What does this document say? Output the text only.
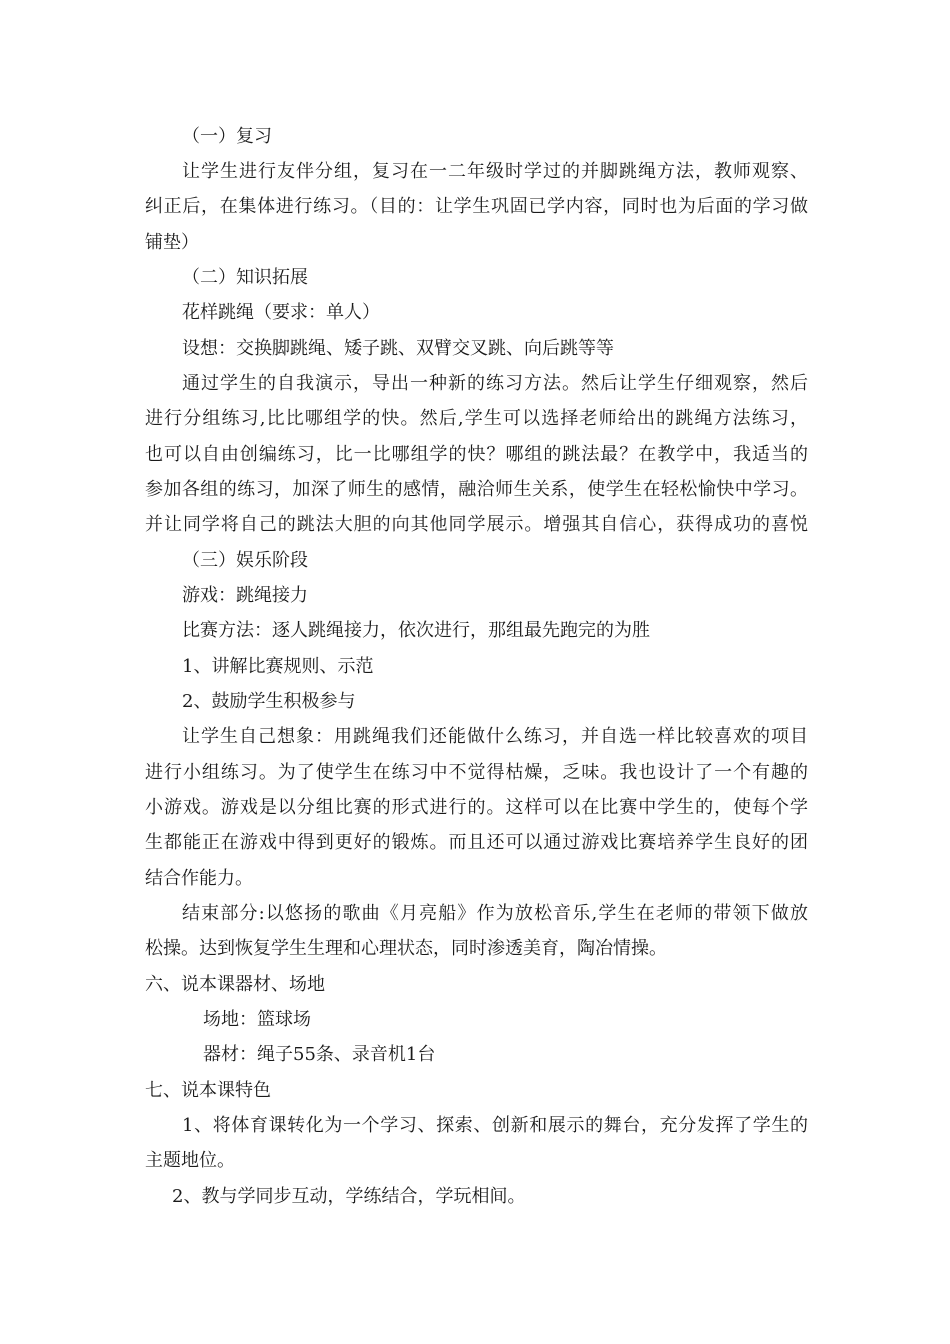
（一）复习
让学生进行友伴分组，复习在一二年级时学过的并脚跳绳方法，教师观察、
纠正后，在集体进行练习。（目的：让学生巩固已学内容，同时也为后面的学习做
铺垫）
（二）知识拓展
花样跳绳（要求：单人）
设想：交换脚跳绳、矮子跳、双臂交叉跳、向后跳等等
通过学生的自我演示，导出一种新的练习方法。然后让学生仔细观察，然后
进行分组练习,比比哪组学的快。然后,学生可以选择老师给出的跳绳方法练习，
也可以自由创编练习，比一比哪组学的快？哪组的跳法最？在教学中，我适当的
参加各组的练习，加深了师生的感情，融洽师生关系，使学生在轻松愉快中学习。
并让同学将自己的跳法大胆的向其他同学展示。增强其自信心，获得成功的喜悦
（三）娱乐阶段
游戏：跳绳接力
比赛方法：逐人跳绳接力，依次进行，那组最先跑完的为胜
1、讲解比赛规则、示范
2、鼓励学生积极参与
让学生自己想象：用跳绳我们还能做什么练习，并自选一样比较喜欢的项目
进行小组练习。为了使学生在练习中不觉得枯燥，乏味。我也设计了一个有趣的
小游戏。游戏是以分组比赛的形式进行的。这样可以在比赛中学生的，使每个学
生都能正在游戏中得到更好的锻炼。而且还可以通过游戏比赛培养学生良好的团
结合作能力。
结束部分:以悠扬的歌曲《月亮船》作为放松音乐,学生在老师的带领下做放
松操。达到恢复学生生理和心理状态，同时渗透美育，陶冶情操。
六、说本课器材、场地
场地：篮球场
器材：绳子55条、录音机1台
七、说本课特色
1、将体育课转化为一个学习、探索、创新和展示的舞台，充分发挥了学生的
主题地位。
2、教与学同步互动，学练结合，学玩相间。
